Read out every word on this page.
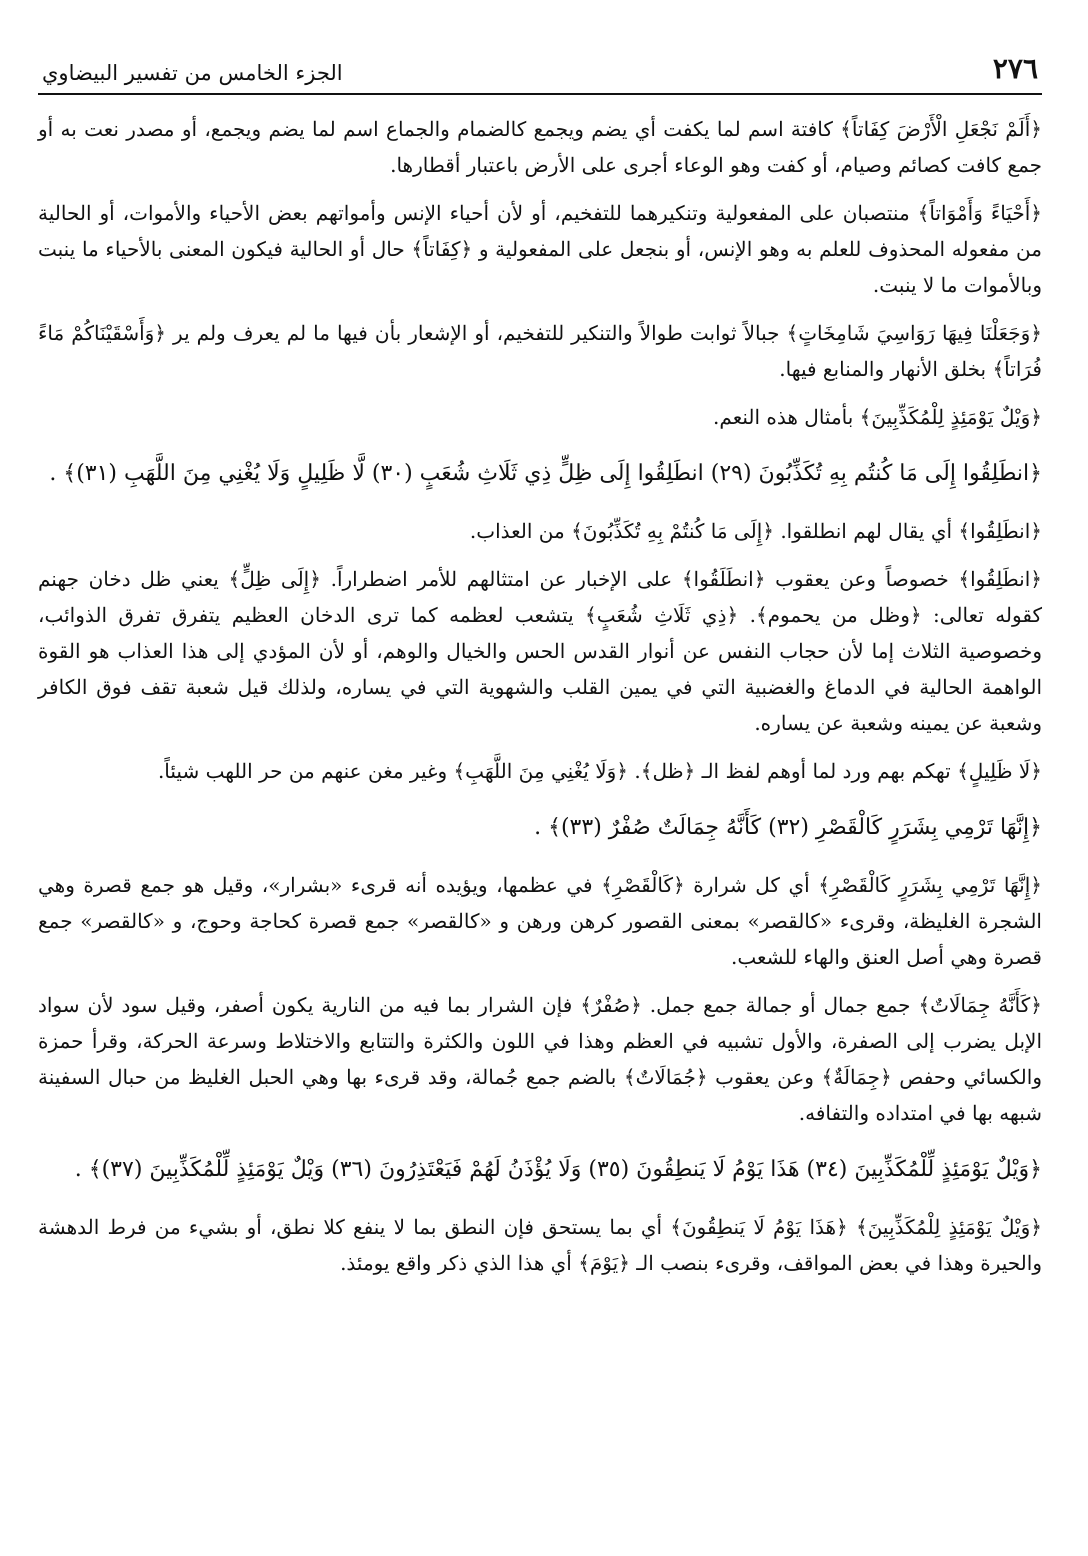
٢٧٦
الجزء الخامس من تفسير البيضاوي

﴿أَلَمْ نَجْعَلِ الْأَرْضَ كِفَاتاً﴾ كافتة اسم لما يكفت أي يضم ويجمع كالضمام والجماع اسم لما يضم ويجمع، أو مصدر نعت به أو جمع كافت كصائم وصيام، أو كفت وهو الوعاء أجرى على الأرض باعتبار أقطارها.

﴿أَحْيَاءً وَأَمْوَاتاً﴾ منتصبان على المفعولية وتنكيرهما للتفخيم، أو لأن أحياء الإنس وأمواتهم بعض الأحياء والأموات، أو الحالية من مفعوله المحذوف للعلم به وهو الإنس، أو بنجعل على المفعولية و ﴿كِفَاتاً﴾ حال أو الحالية فيكون المعنى بالأحياء ما ينبت وبالأموات ما لا ينبت.

﴿وَجَعَلْنَا فِيهَا رَوَاسِيَ شَامِخَاتٍ﴾ جبالاً ثوابت طوالاً والتنكير للتفخيم، أو الإشعار بأن فيها ما لم يعرف ولم ير ﴿وَأَسْقَيْنَاكُمْ مَاءً فُرَاتاً﴾ بخلق الأنهار والمنابع فيها.

﴿وَيْلٌ يَوْمَئِذٍ لِلْمُكَذِّبِينَ﴾ بأمثال هذه النعم.

﴿انطَلِقُوا إِلَى مَا كُنتُم بِهِ تُكَذِّبُونَ (٢٩) انطَلِقُوا إِلَى ظِلٍّ ذِي ثَلَاثِ شُعَبٍ (٣٠) لَّا ظَلِيلٍ وَلَا يُغْنِي مِنَ اللَّهَبِ (٣١)﴾ .

﴿انطَلِقُوا﴾ أي يقال لهم انطلقوا. ﴿إِلَى مَا كُنتُمْ بِهِ تُكَذِّبُونَ﴾ من العذاب.

﴿انطَلِقُوا﴾ خصوصاً وعن يعقوب ﴿انطَلَقُوا﴾ على الإخبار عن امتثالهم للأمر اضطراراً. ﴿إِلَى ظِلٍّ﴾ يعني ظل دخان جهنم كقوله تعالى: ﴿وظل من يحموم﴾. ﴿ذِي ثَلَاثِ شُعَبٍ﴾ يتشعب لعظمه كما ترى الدخان العظيم يتفرق تفرق الذوائب، وخصوصية الثلاث إما لأن حجاب النفس عن أنوار القدس الحس والخيال والوهم، أو لأن المؤدي إلى هذا العذاب هو القوة الواهمة الحالية في الدماغ والغضبية التي في يمين القلب والشهوية التي في يساره، ولذلك قيل شعبة تقف فوق الكافر وشعبة عن يمينه وشعبة عن يساره.

﴿لَا ظَلِيلٍ﴾ تهكم بهم ورد لما أوهم لفظ الـ ﴿ظل﴾. ﴿وَلَا يُغْنِي مِنَ اللَّهَبِ﴾ وغير مغن عنهم من حر اللهب شيئاً.

﴿إِنَّهَا تَرْمِي بِشَرَرٍ كَالْقَصْرِ (٣٢) كَأَنَّهُ جِمَالَتٌ صُفْرٌ (٣٣)﴾ .

﴿إِنَّهَا تَرْمِي بِشَرَرٍ كَالْقَصْرِ﴾ أي كل شرارة ﴿كَالْقَصْرِ﴾ في عظمها، ويؤيده أنه قرىء «بشرار»، وقيل هو جمع قصرة وهي الشجرة الغليظة، وقرىء «كالقصر» بمعنى القصور كرهن ورهن و «كالقصر» جمع قصرة كحاجة وحوج، و «كالقصر» جمع قصرة وهي أصل العنق والهاء للشعب.

﴿كَأَنَّهُ جِمَالَاتٌ﴾ جمع جمال أو جمالة جمع جمل. ﴿صُفْرٌ﴾ فإن الشرار بما فيه من النارية يكون أصفر، وقيل سود لأن سواد الإبل يضرب إلى الصفرة، والأول تشبيه في العظم وهذا في اللون والكثرة والتتابع والاختلاط وسرعة الحركة، وقرأ حمزة والكسائي وحفص ﴿جِمَالَةٌ﴾ وعن يعقوب ﴿جُمَالَاتٌ﴾ بالضم جمع جُمالة، وقد قرىء بها وهي الحبل الغليظ من حبال السفينة شبهه بها في امتداده والتفافه.

﴿وَيْلٌ يَوْمَئِذٍ لِّلْمُكَذِّبِينَ (٣٤) هَذَا يَوْمُ لَا يَنطِقُونَ (٣٥) وَلَا يُؤْذَنُ لَهُمْ فَيَعْتَذِرُونَ (٣٦) وَيْلٌ يَوْمَئِذٍ لِّلْمُكَذِّبِينَ (٣٧)﴾ .

﴿وَيْلٌ يَوْمَئِذٍ لِلْمُكَذِّبِينَ﴾ ﴿هَذَا يَوْمُ لَا يَنطِقُونَ﴾ أي بما يستحق فإن النطق بما لا ينفع كلا نطق، أو بشيء من فرط الدهشة والحيرة وهذا في بعض المواقف، وقرىء بنصب الـ ﴿يَوْمَ﴾ أي هذا الذي ذكر واقع يومئذ.
